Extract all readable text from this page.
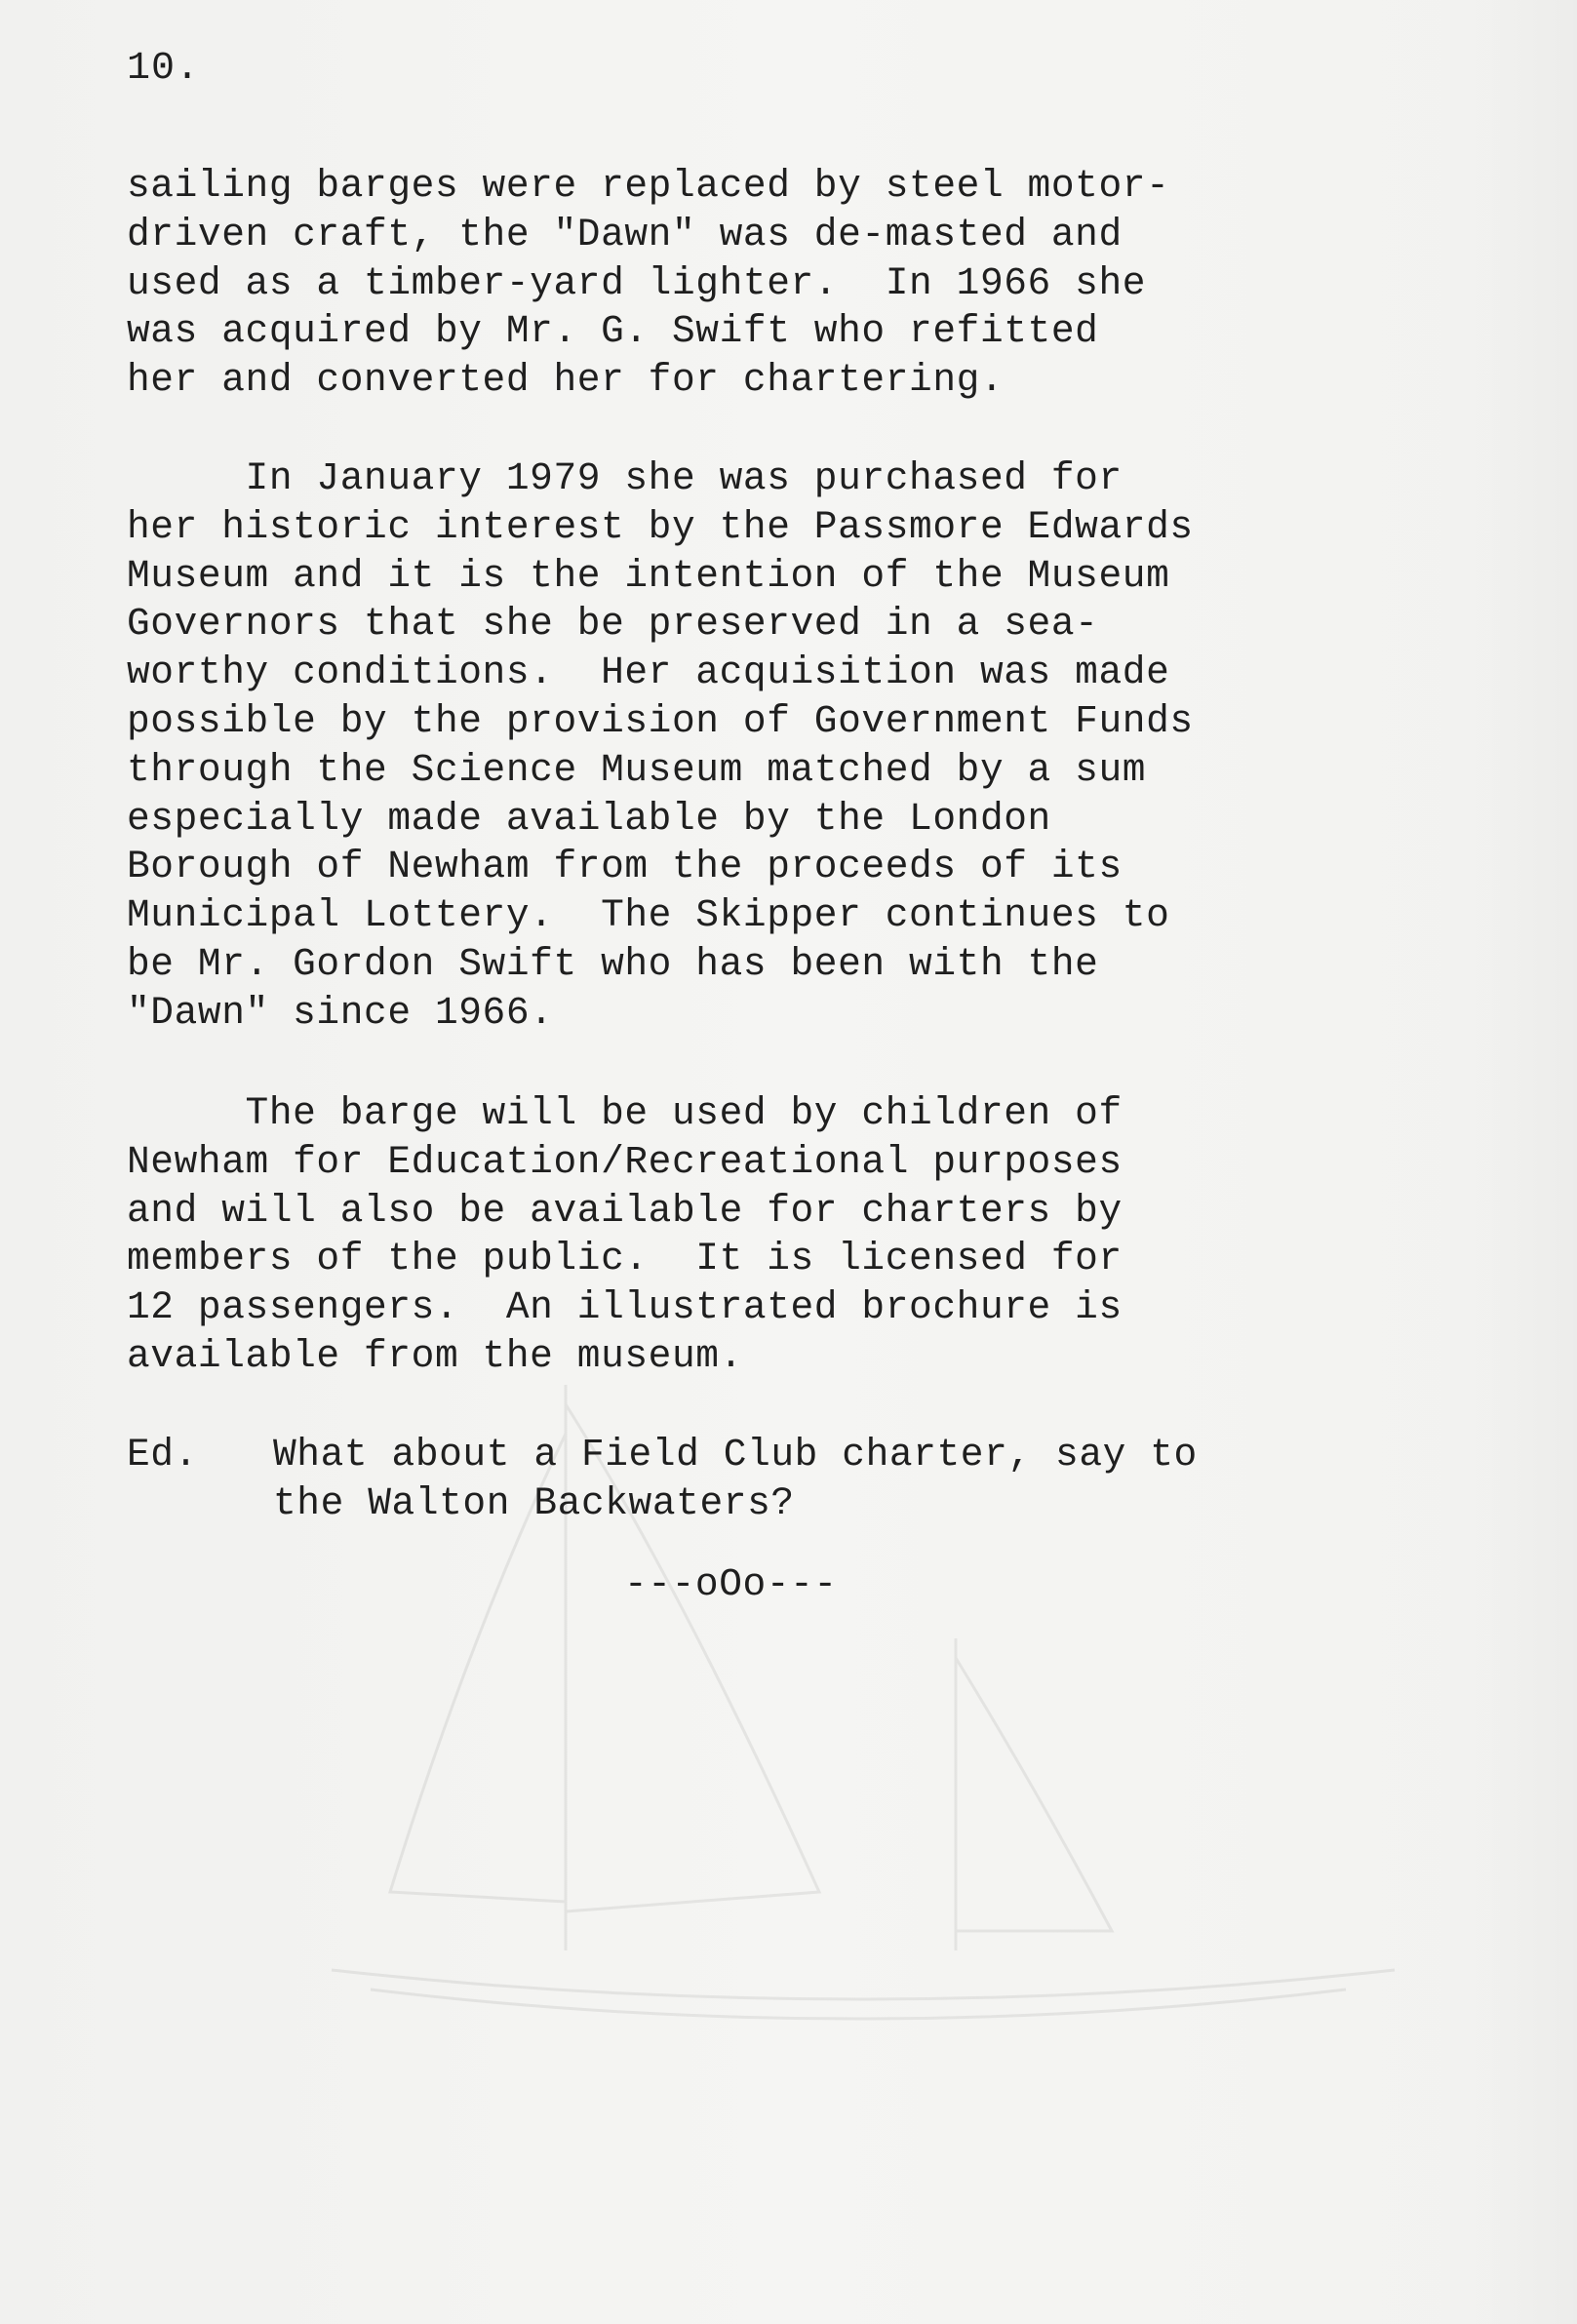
10.
sailing barges were replaced by steel motor-
driven craft, the "Dawn" was de-masted and
used as a timber-yard lighter.  In 1966 she
was acquired by Mr. G. Swift who refitted
her and converted her for chartering.
In January 1979 she was purchased for
her historic interest by the Passmore Edwards
Museum and it is the intention of the Museum
Governors that she be preserved in a sea-
worthy conditions.  Her acquisition was made
possible by the provision of Government Funds
through the Science Museum matched by a sum
especially made available by the London
Borough of Newham from the proceeds of its
Municipal Lottery.  The Skipper continues to
be Mr. Gordon Swift who has been with the
"Dawn" since 1966.
The barge will be used by children of
Newham for Education/Recreational purposes
and will also be available for charters by
members of the public.  It is licensed for
12 passengers.  An illustrated brochure is
available from the museum.

Ed.

What about a Field Club charter, say to
the Walton Backwaters?

---oOo---
